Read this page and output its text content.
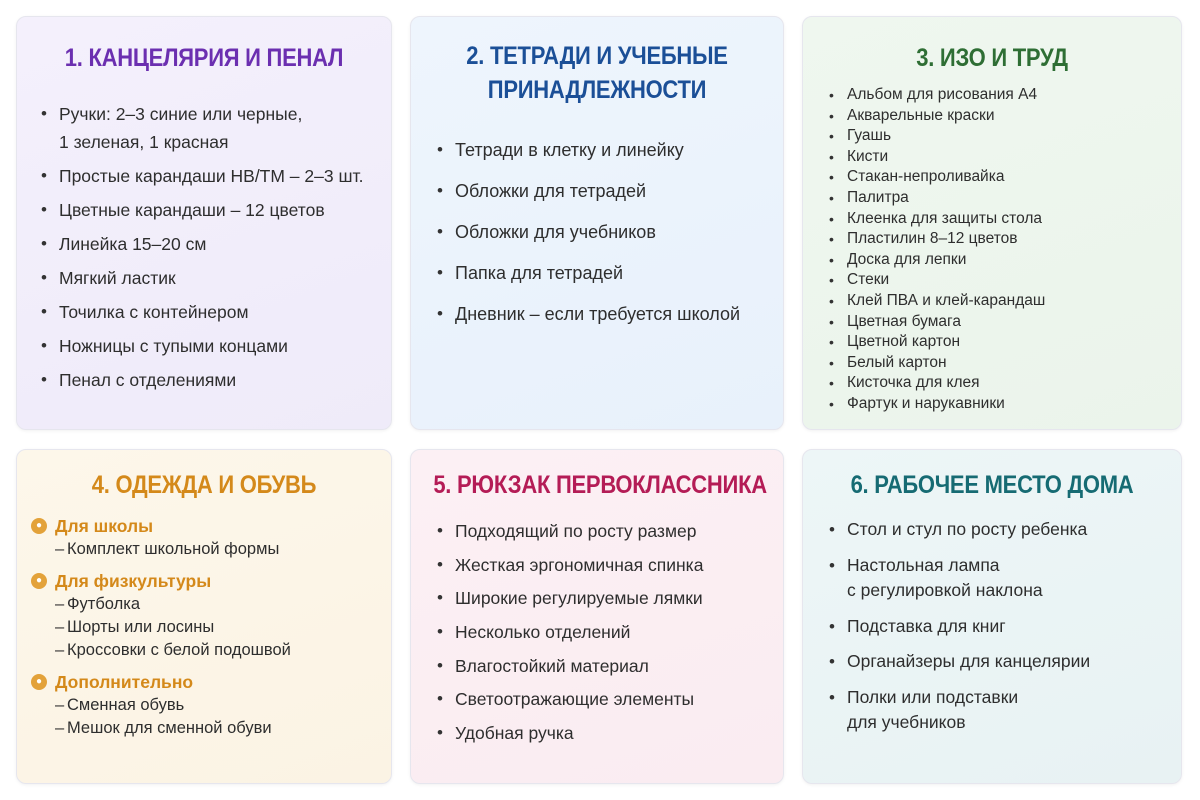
1. КАНЦЕЛЯРИЯ И ПЕНАЛ
• Ручки: 2–3 синие или черные,
1 зеленая, 1 красная
• Простые карандаши НВ/ТМ – 2–3 шт.
• Цветные карандаши – 12 цветов
• Линейка 15–20 см
• Мягкий ластик
• Точилка с контейнером
• Ножницы с тупыми концами
• Пенал с отделениями
2. ТЕТРАДИ И УЧЕБНЫЕ
ПРИНАДЛЕЖНОСТИ
• Тетради в клетку и линейку
• Обложки для тетрадей
• Обложки для учебников
• Папка для тетрадей
• Дневник – если требуется школой
3. ИЗО И ТРУД
• Альбом для рисования А4
• Акварельные краски
• Гуашь
• Кисти
• Стакан-непроливайка
• Палитра
• Клеенка для защиты стола
• Пластилин 8–12 цветов
• Доска для лепки
• Стеки
• Клей ПВА и клей-карандаш
• Цветная бумага
• Цветной картон
• Белый картон
• Кисточка для клея
• Фартук и нарукавники
4. ОДЕЖДА И ОБУВЬ
● Для школы
– Комплект школьной формы
● Для физкультуры
– Футболка
– Шорты или лосины
– Кроссовки с белой подошвой
● Дополнительно
– Сменная обувь
– Мешок для сменной обуви
5. РЮКЗАК ПЕРВОКЛАССНИКА
• Подходящий по росту размер
• Жесткая эргономичная спинка
• Широкие регулируемые лямки
• Несколько отделений
• Влагостойкий материал
• Светоотражающие элементы
• Удобная ручка
6. РАБОЧЕЕ МЕСТО ДОМА
• Стол и стул по росту ребенка
• Настольная лампа
с регулировкой наклона
• Подставка для книг
• Органайзеры для канцелярии
• Полки или подставки
для учебников
